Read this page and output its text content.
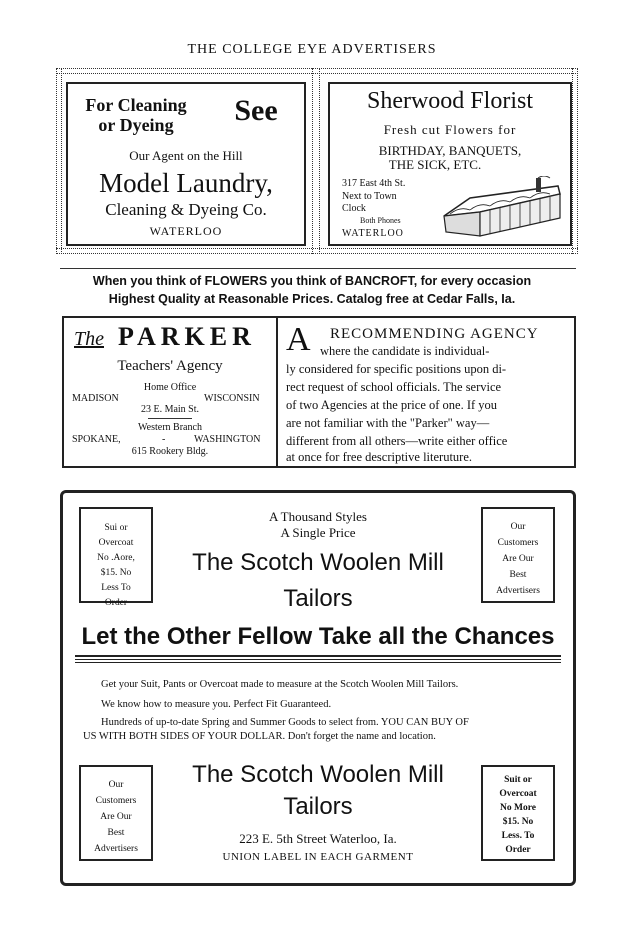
THE COLLEGE EYE ADVERTISERS
For Cleaning
or Dyeing	See
Our Agent on the Hill
Model Laundry,
Cleaning & Dyeing Co.
WATERLOO
Sherwood Florist
Fresh cut Flowers for
BIRTHDAY, BANQUETS,
THE SICK, ETC.
317 East 4th St.
Next to Town
Clock
Both Phones
WATERLOO
When you think of FLOWERS you think of BANCROFT, for every occasion
Highest Quality at Reasonable Prices. Catalog free at Cedar Falls, Ia.
The PARKER
Teachers' Agency
Home Office
MADISON	WISCONSIN
23 E. Main St.
Western Branch
SPOKANE,	-	WASHINGTON
615 Rookery Bldg.
A RECOMMENDING AGENCY
where the candidate is individual-
ly considered for specific positions upon di-
rect request of school officials. The service
of two Agencies at the price of one. If you
are not familiar with the "Parker" way—
different from all others—write either office
at once for free descriptive literuture.
Sui or
Overcoat
No .Aore,
$15. No
Less To
Order
Our
Customers
Are Our
Best
Advertisers
A Thousand Styles
A Single Price
The Scotch Woolen Mill
Tailors
Let the Other Fellow Take all the Chances
Get your Suit, Pants or Overcoat made to measure at the Scotch Woolen Mill Tailors.
We know how to measure you. Perfect Fit Guaranteed.
Hundreds of up-to-date Spring and Summer Goods to select from. YOU CAN BUY OF
US WITH BOTH SIDES OF YOUR DOLLAR. Don't forget the name and location.
Our
Customers
Are Our
Best
Advertisers
Suit or
Overcoat
No More
$15. No
Less. To
Order
The Scotch Woolen Mill
Tailors
223 E. 5th Street Waterloo, Ia.
UNION LABEL IN EACH GARMENT
